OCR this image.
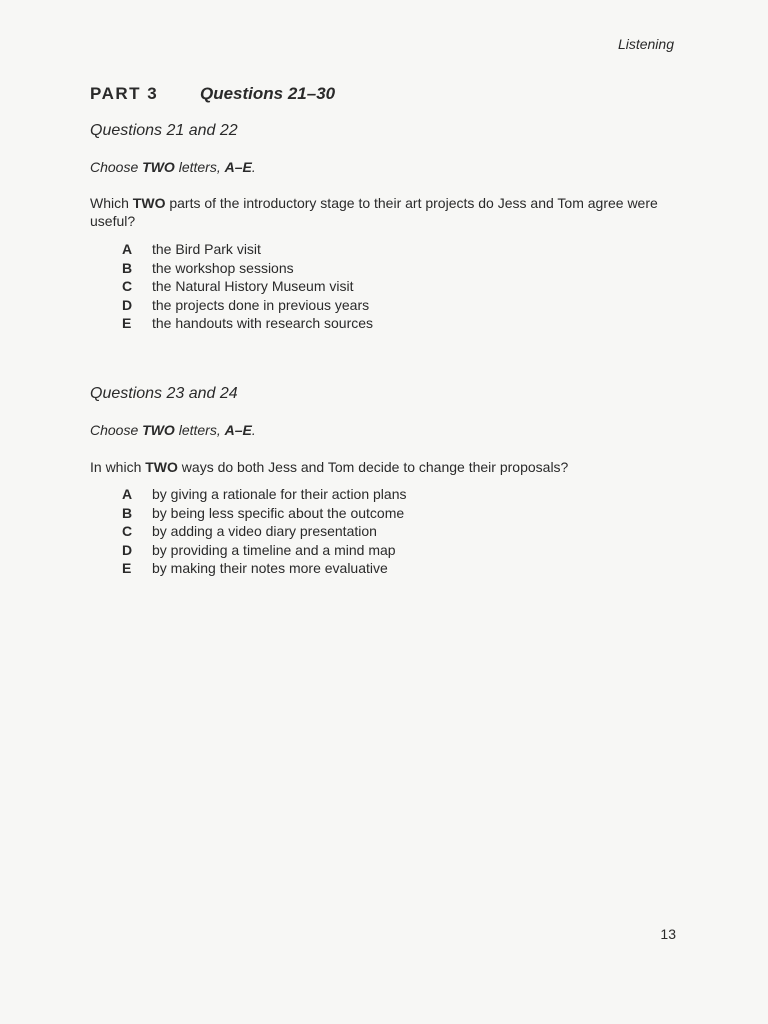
Listening
PART 3 Questions 21–30
Questions 21 and 22

Choose TWO letters, A–E.

Which TWO parts of the introductory stage to their art projects do Jess and Tom agree were useful?

A	the Bird Park visit
B	the workshop sessions
C	the Natural History Museum visit
D	the projects done in previous years
E	the handouts with research sources
Questions 23 and 24

Choose TWO letters, A–E.

In which TWO ways do both Jess and Tom decide to change their proposals?

A	by giving a rationale for their action plans
B	by being less specific about the outcome
C	by adding a video diary presentation
D	by providing a timeline and a mind map
E	by making their notes more evaluative
13
